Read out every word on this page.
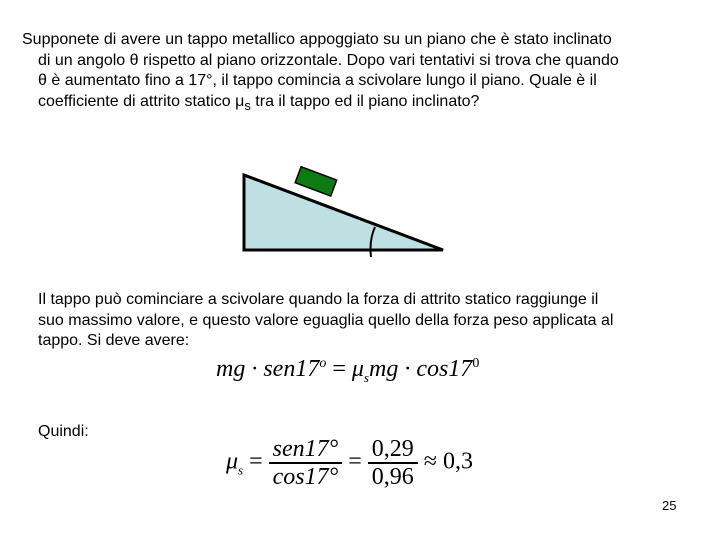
Supponete di avere un tappo metallico appoggiato su un piano che è stato inclinato
di un angolo θ rispetto al piano orizzontale. Dopo vari tentativi si trova che quando
θ è aumentato fino a 17°, il tappo comincia a scivolare lungo il piano. Quale è il
coefficiente di attrito statico $\mu_s$ tra il tappo ed il piano inclinato?
Il tappo può cominciare a scivolare quando la forza di attrito statico raggiunge il
suo massimo valore, e questo valore eguaglia quello della forza peso applicata al
tappo. Si deve avere:
mg · $sen17^o = \mu_smg \cdot \cos 17^0$
Quindi:
$\mu_s = \frac{\text{sen17°}}{\cos 17^\circ} = \frac{0,29}{0,96} \approx 0,3$
25
